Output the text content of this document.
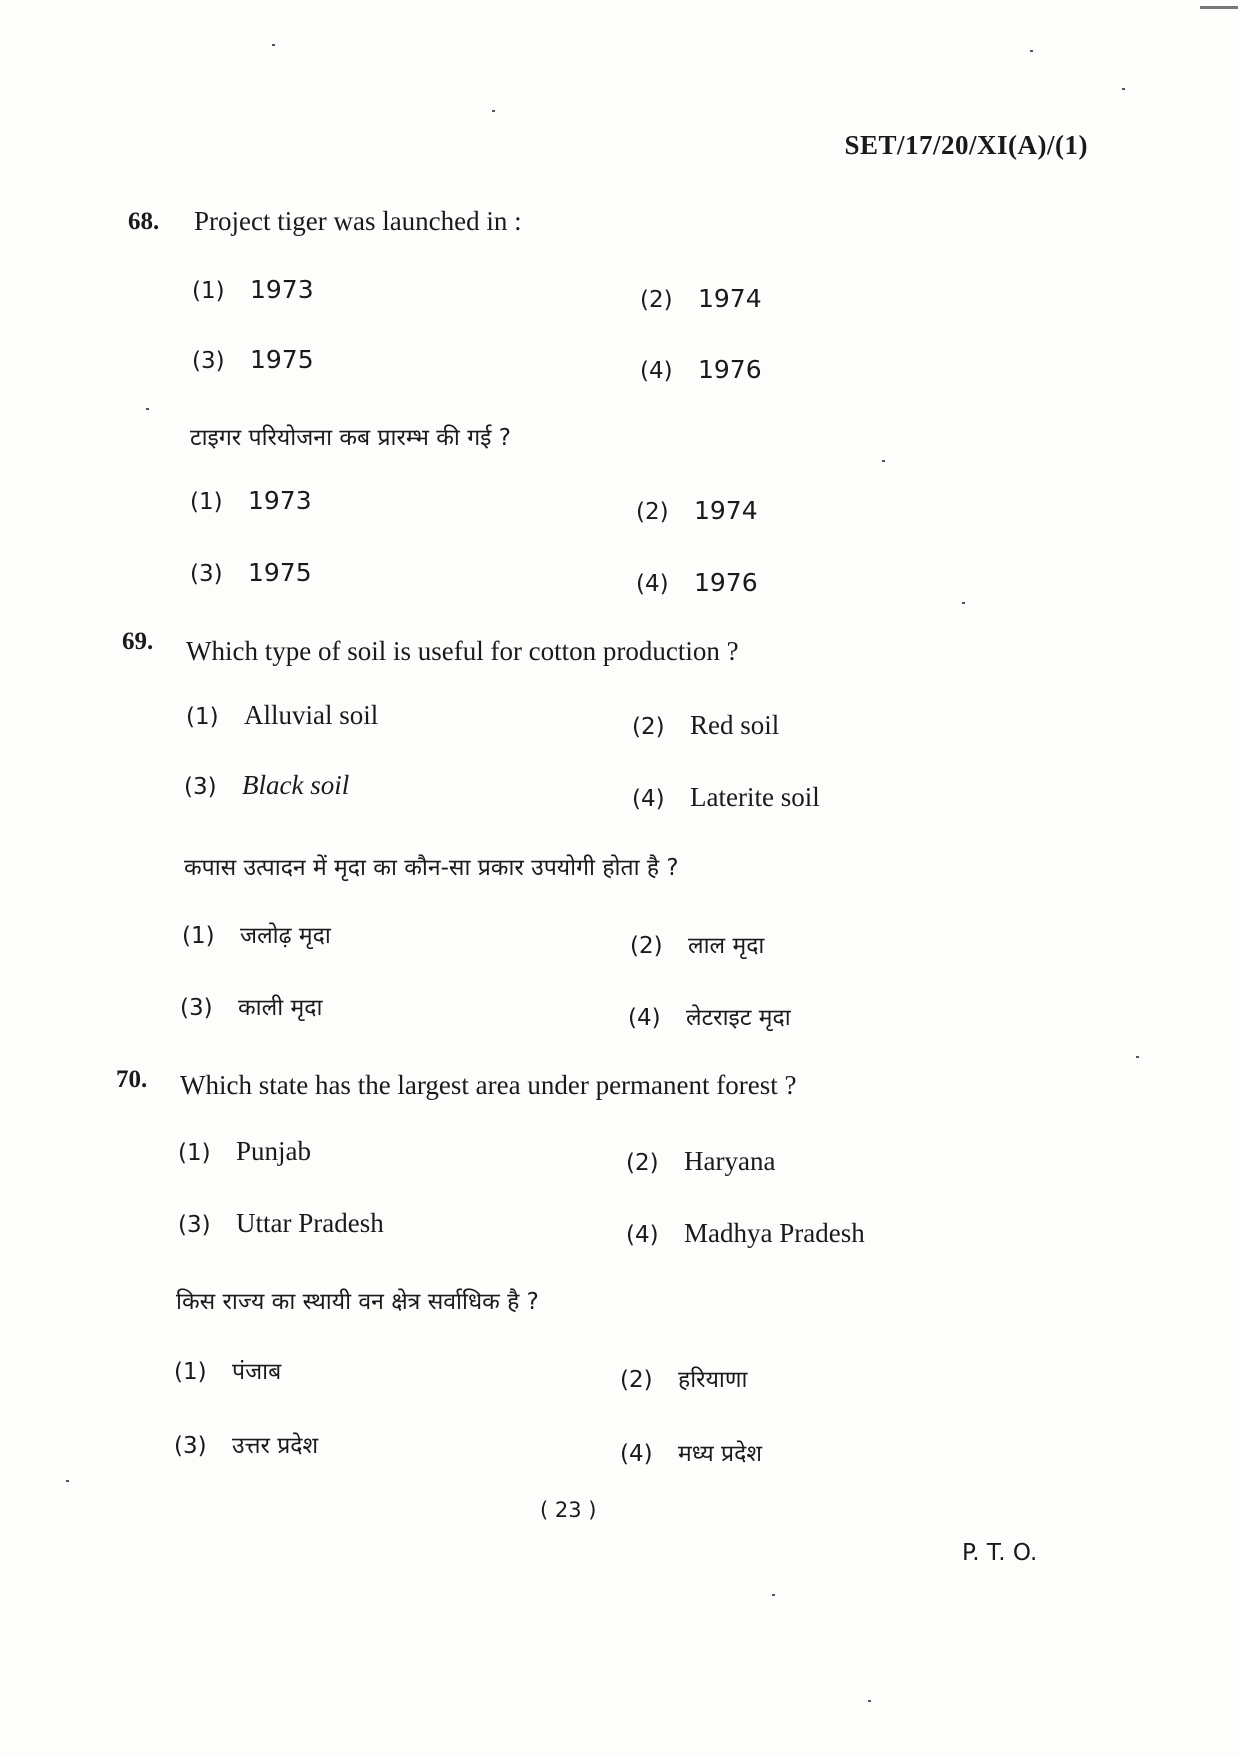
SET/17/20/XI(A)/(1)
68. Project tiger was launched in :
(1) 1973	(2) 1974
(3) 1975	(4) 1976
टाइगर परियोजना कब प्रारम्भ की गई ?
(1) 1973	(2) 1974
(3) 1975	(4) 1976
69. Which type of soil is useful for cotton production ?
(1) Alluvial soil	(2) Red soil
(3) Black soil	(4) Laterite soil
कपास उत्पादन में मृदा का कौन-सा प्रकार उपयोगी होता है ?
(1) जलोढ़ मृदा	(2) लाल मृदा
(3) काली मृदा	(4) लेटराइट मृदा
70. Which state has the largest area under permanent forest ?
(1) Punjab	(2) Haryana
(3) Uttar Pradesh	(4) Madhya Pradesh
किस राज्य का स्थायी वन क्षेत्र सर्वाधिक है ?
(1) पंजाब	(2) हरियाणा
(3) उत्तर प्रदेश	(4) मध्य प्रदेश
( 23 )
P. T. O.
